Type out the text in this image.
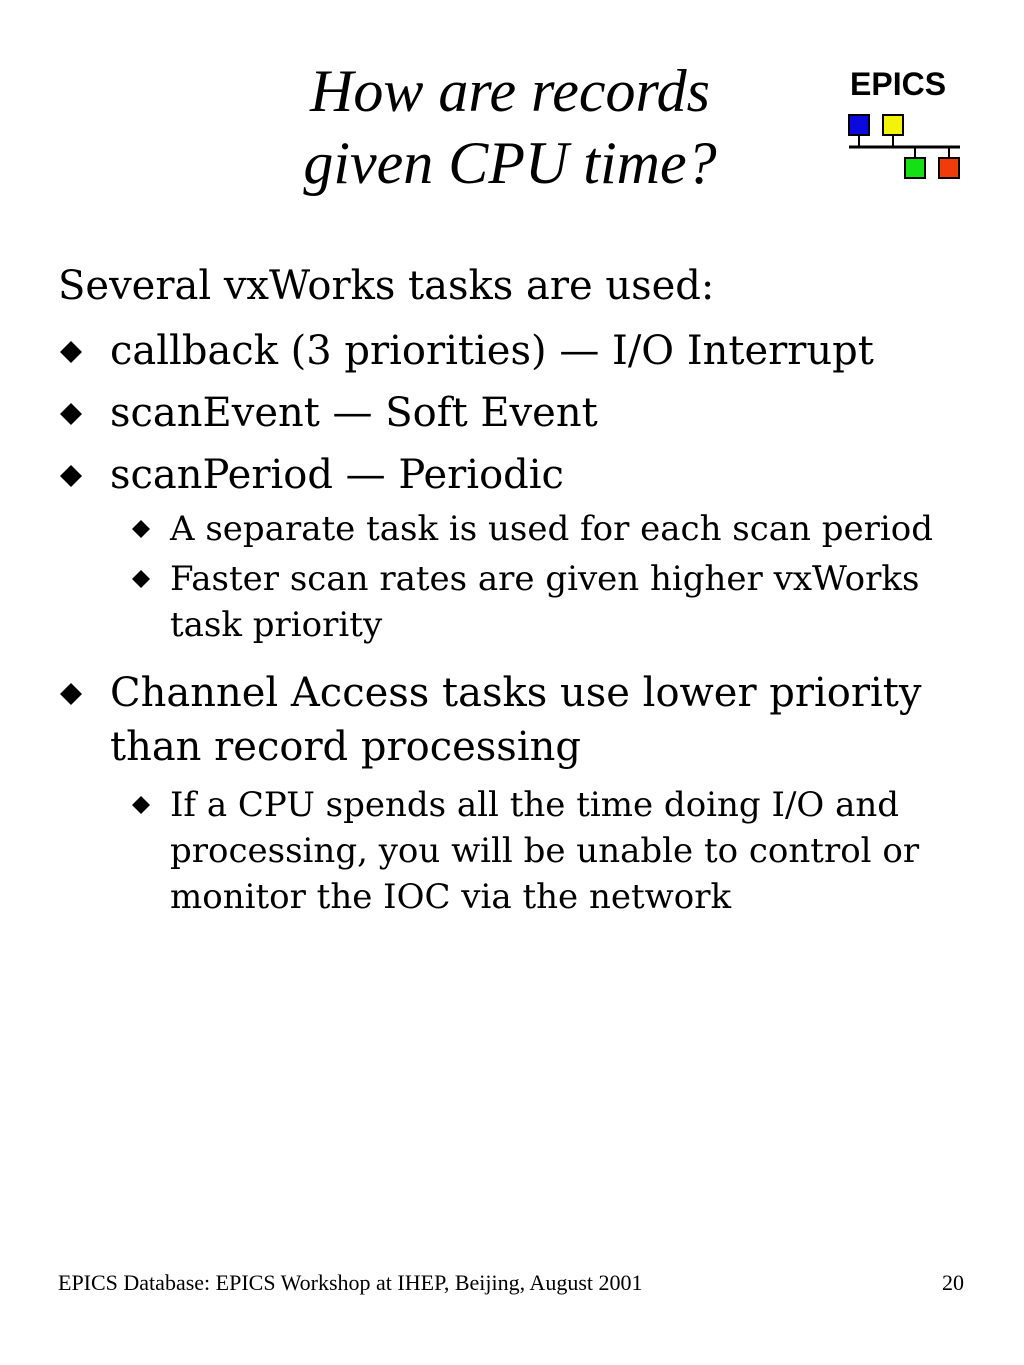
How are records
given CPU time?
EPICS

Several vxWorks tasks are used:

callback (3 priorities) — I/O Interrupt
scanEvent — Soft Event
scanPeriod — Periodic
A separate task is used for each scan period
Faster scan rates are given higher vxWorks task priority
Channel Access tasks use lower priority than record processing
If a CPU spends all the time doing I/O and processing, you will be unable to control or monitor the IOC via the network
EPICS Database: EPICS Workshop at IHEP, Beijing, August 2001	20
